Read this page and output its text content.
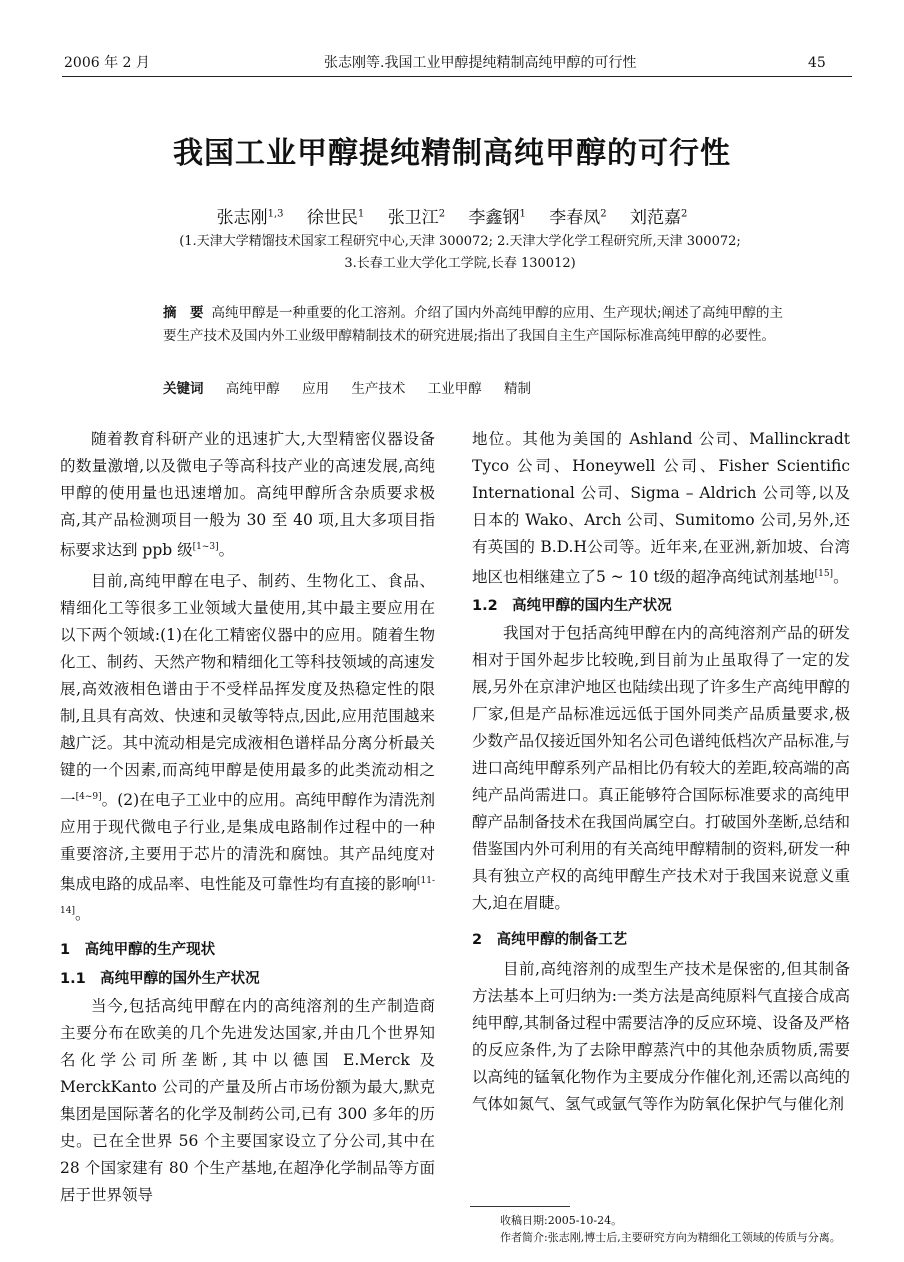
2006 年 2 月	张志刚等.我国工业甲醇提纯精制高纯甲醇的可行性	45
我国工业甲醇提纯精制高纯甲醇的可行性
张志刚$^{1,3}$ 徐世民$^1$ 张卫江$^2$ 李鑫钢$^1$ 李春凤$^2$ 刘范嘉$^2$
(1.天津大学精馏技术国家工程研究中心,天津 300072; 2.天津大学化学工程研究所,天津 300072;
3.长春工业大学化工学院,长春 130012)
摘　要 高纯甲醇是一种重要的化工溶剂。介绍了国内外高纯甲醇的应用、生产现状;阐述了高纯甲醇的主要生产技术及国内外工业级甲醇精制技术的研究进展;指出了我国自主生产国际标准高纯甲醇的必要性。
关键词 高纯甲醇 应用 生产技术 工业甲醇 精制

随着教育科研产业的迅速扩大,大型精密仪器设备的数量激增,以及微电子等高科技产业的高速发展,高纯甲醇的使用量也迅速增加。高纯甲醇所含杂质要求极高,其产品检测项目一般为 30 至 40 项,且大多项目指标要求达到 ppb 级[1~3]。

目前,高纯甲醇在电子、制药、生物化工、食品、精细化工等很多工业领域大量使用,其中最主要应用在以下两个领域:(1)在化工精密仪器中的应用。随着生物化工、制药、天然产物和精细化工等科技领域的高速发展,高效液相色谱由于不受样品挥发度及热稳定性的限制,且具有高效、快速和灵敏等特点,因此,应用范围越来越广泛。其中流动相是完成液相色谱样品分离分析最关键的一个因素,而高纯甲醇是使用最多的此类流动相之一[4~9]。(2)在电子工业中的应用。高纯甲醇作为清洗剂应用于现代微电子行业,是集成电路制作过程中的一种重要溶济,主要用于芯片的清洗和腐蚀。其产品纯度对集成电路的成品率、电性能及可靠性均有直接的影响[11-14]。

1　高纯甲醇的生产现状
1.1　高纯甲醇的国外生产状况

当今,包括高纯甲醇在内的高纯溶剂的生产制造商主要分布在欧美的几个先进发达国家,并由几个世界知名化学公司所垄断,其中以德国 E.Merck 及 MerckKanto 公司的产量及所占市场份额为最大,默克集团是国际著名的化学及制药公司,已有 300 多年的历史。已在全世界 56 个主要国家设立了分公司,其中在 28 个国家建有 80 个生产基地,在超净化学制品等方面居于世界领导

地位。其他为美国的 Ashland 公司、Mallinckradt Tyco 公司、Honeywell 公司、Fisher Scientific International 公司、Sigma – Aldrich 公司等,以及日本的 Wako、Arch 公司、Sumitomo 公司,另外,还有英国的 B.D.H公司等。近年来,在亚洲,新加坡、台湾地区也相继建立了5 ~ 10 t级的超净高纯试剂基地[15]。

1.2　高纯甲醇的国内生产状况

我国对于包括高纯甲醇在内的高纯溶剂产品的研发相对于国外起步比较晚,到目前为止虽取得了一定的发展,另外在京津沪地区也陆续出现了许多生产高纯甲醇的厂家,但是产品标准远远低于国外同类产品质量要求,极少数产品仅接近国外知名公司色谱纯低档次产品标准,与进口高纯甲醇系列产品相比仍有较大的差距,较高端的高纯产品尚需进口。真正能够符合国际标准要求的高纯甲醇产品制备技术在我国尚属空白。打破国外垄断,总结和借鉴国内外可利用的有关高纯甲醇精制的资料,研发一种具有独立产权的高纯甲醇生产技术对于我国来说意义重大,迫在眉睫。

2　高纯甲醇的制备工艺

目前,高纯溶剂的成型生产技术是保密的,但其制备方法基本上可归纳为:一类方法是高纯原料气直接合成高纯甲醇,其制备过程中需要洁净的反应环境、设备及严格的反应条件,为了去除甲醇蒸汽中的其他杂质物质,需要以高纯的锰氧化物作为主要成分作催化剂,还需以高纯的气体如氮气、氢气或氩气等作为防氧化保护气与催化剂

收稿日期:2005-10-24。
作者简介:张志刚,博士后,主要研究方向为精细化工领域的传质与分离。
